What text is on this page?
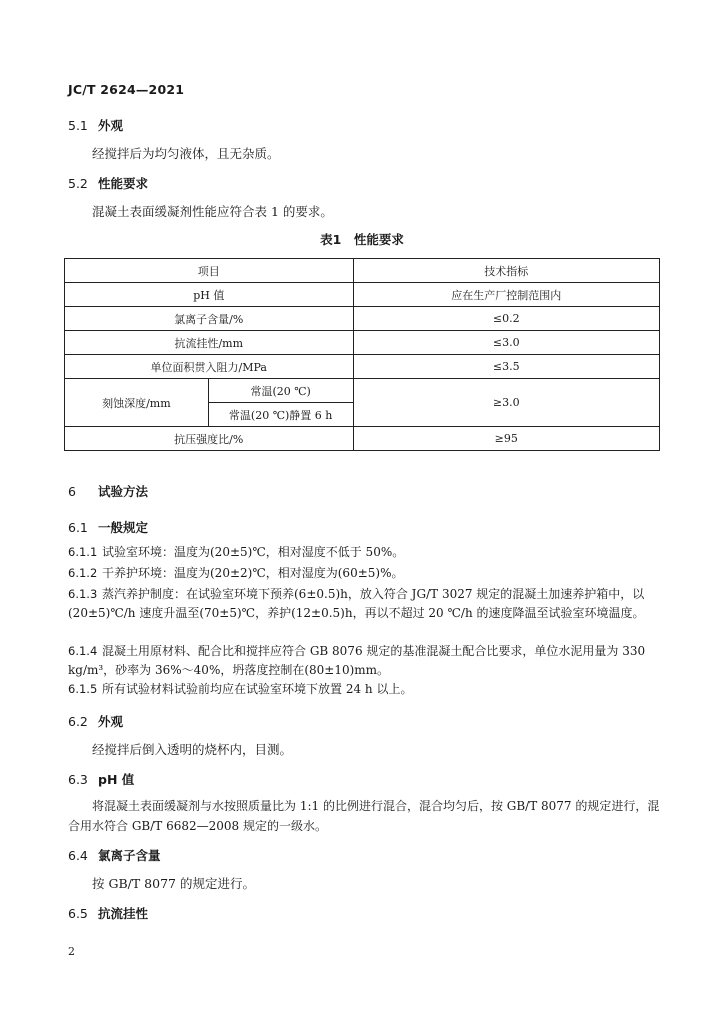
JC/T 2624—2021
5.1 外观
经搅拌后为均匀液体，且无杂质。
5.2 性能要求
混凝土表面缓凝剂性能应符合表 1 的要求。
表1　性能要求
项目		技术指标
pH 值		应在生产厂控制范围内
氯离子含量/%		≤0.2
抗流挂性/mm		≤3.0
单位面积贯入阻力/MPa		≤3.5
刻蚀深度/mm	常温(20 ℃)	≥3.0
	常温(20 ℃)静置 6 h	
抗压强度比/%		≥95
6 试验方法
6.1 一般规定
6.1.1 试验室环境：温度为(20±5)℃，相对湿度不低于 50%。
6.1.2 干养护环境：温度为(20±2)℃，相对湿度为(60±5)%。
6.1.3 蒸汽养护制度：在试验室环境下预养(6±0.5)h，放入符合 JG/T 3027 规定的混凝土加速养护箱中，以(20±5)℃/h 速度升温至(70±5)℃，养护(12±0.5)h，再以不超过 20 ℃/h 的速度降温至试验室环境温度。
6.1.4 混凝土用原材料、配合比和搅拌应符合 GB 8076 规定的基准混凝土配合比要求，单位水泥用量为 330 kg/m³，砂率为 36%～40%，坍落度控制在(80±10)mm。
6.1.5 所有试验材料试验前均应在试验室环境下放置 24 h 以上。
6.2 外观
经搅拌后倒入透明的烧杯内，目测。
6.3 pH 值
将混凝土表面缓凝剂与水按照质量比为 1:1 的比例进行混合，混合均匀后，按 GB/T 8077 的规定进行，混合用水符合 GB/T 6682—2008 规定的一级水。
6.4 氯离子含量
按 GB/T 8077 的规定进行。
6.5 抗流挂性
2
